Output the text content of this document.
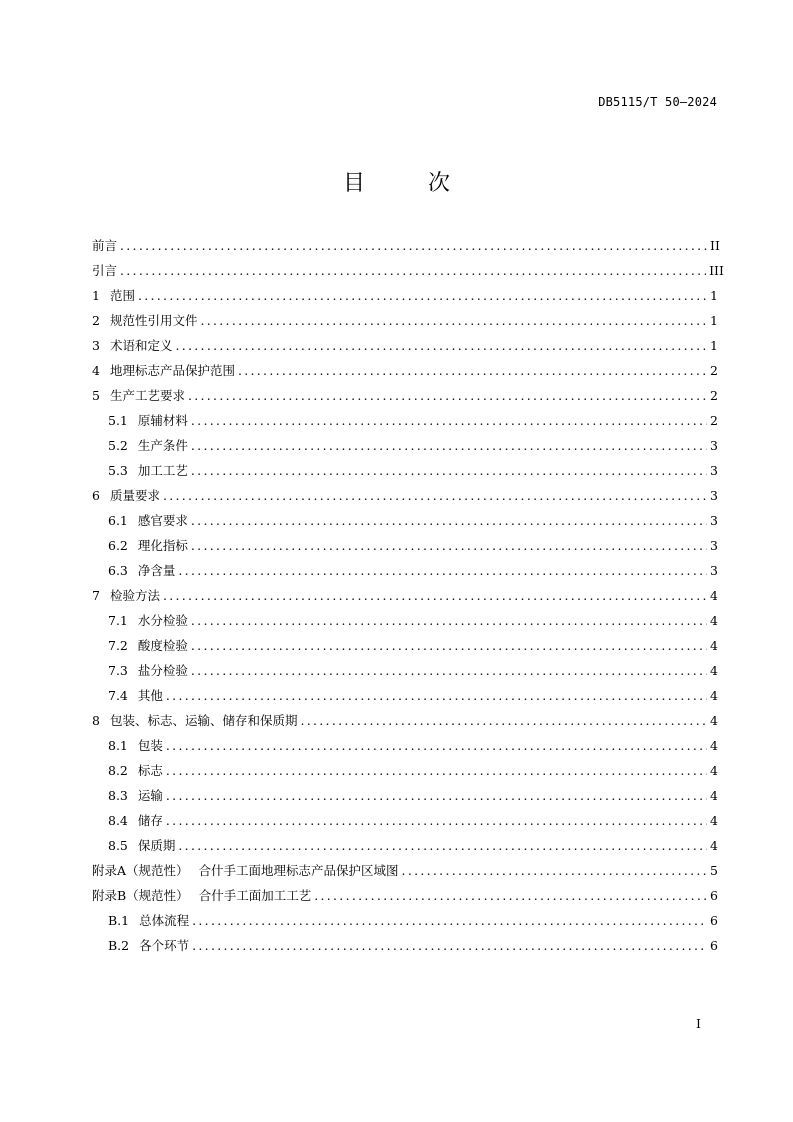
DB5115/T 50—2024
目 次
前言 .....	II
引言 .....	III
1 范围 .....	1
2 规范性引用文件 .....	1
3 术语和定义 .....	1
4 地理标志产品保护范围 .....	2
5 生产工艺要求 .....	2
5.1 原辅材料 .....	2
5.2 生产条件 .....	3
5.3 加工工艺 .....	3
6 质量要求 .....	3
6.1 感官要求 .....	3
6.2 理化指标 .....	3
6.3 净含量 .....	3
7 检验方法 .....	4
7.1 水分检验 .....	4
7.2 酸度检验 .....	4
7.3 盐分检验 .....	4
7.4 其他 .....	4
8 包装、标志、运输、储存和保质期 .....	4
8.1 包装 .....	4
8.2 标志 .....	4
8.3 运输 .....	4
8.4 储存 .....	4
8.5 保质期 .....	4
附录A（规范性） 合什手工面地理标志产品保护区域图 .....	5
附录B（规范性） 合什手工面加工工艺 .....	6
B.1 总体流程 .....	6
B.2 各个环节 .....	6
I
